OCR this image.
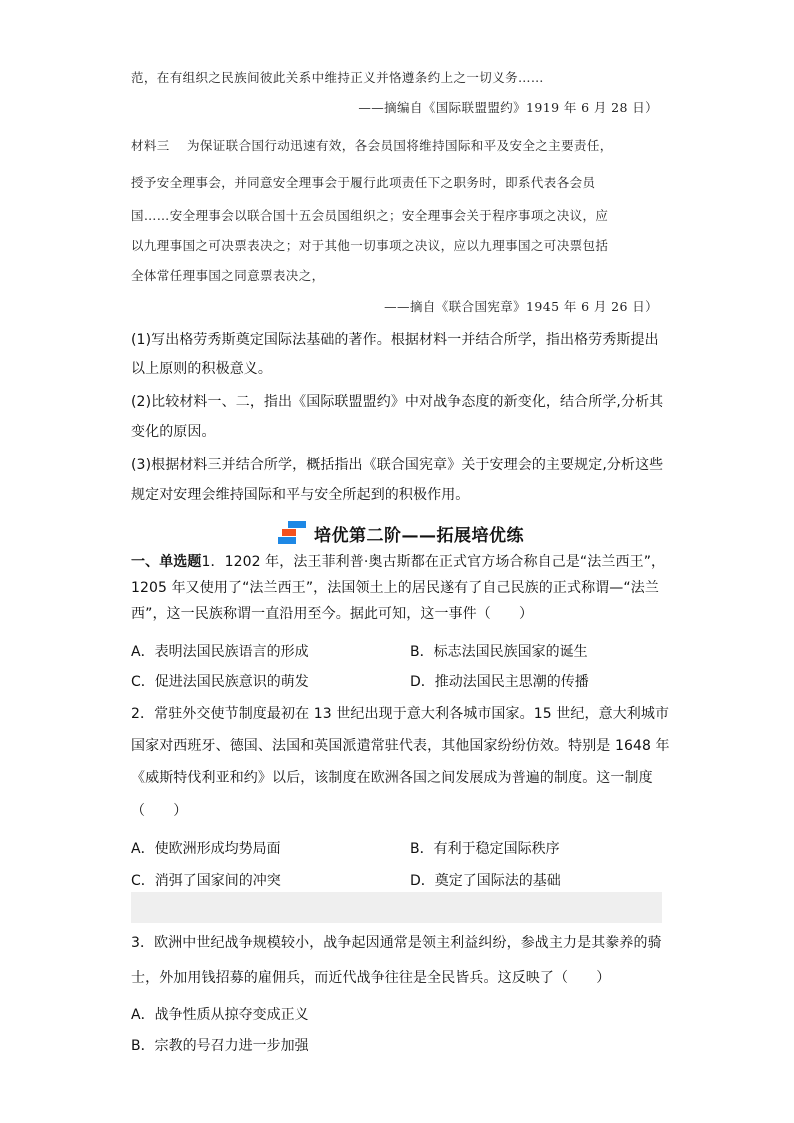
范，在有组织之民族间彼此关系中维持正义并恪遵条约上之一切义务……
——摘编自《国际联盟盟约》1919 年 6 月 28 日）
材料三　 为保证联合国行动迅速有效，各会员国将维持国际和平及安全之主要责任，
授予安全理事会，并同意安全理事会于履行此项责任下之职务时，即系代表各会员
国……安全理事会以联合国十五会员国组织之；安全理事会关于程序事项之决议，应
以九理事国之可决票表决之；对于其他一切事项之决议，应以九理事国之可决票包括
全体常任理事国之同意票表决之，
——摘自《联合国宪章》1945 年 6 月 26 日）
(1)写出格劳秀斯奠定国际法基础的著作。根据材料一并结合所学，指出格劳秀斯提出
以上原则的积极意义。
(2)比较材料一、二，指出《国际联盟盟约》中对战争态度的新变化，结合所学,分析其
变化的原因。
(3)根据材料三并结合所学，概括指出《联合国宪章》关于安理会的主要规定,分析这些
规定对安理会维持国际和平与安全所起到的积极作用。
培优第二阶——拓展培优练
一、单选题1．1202 年，法王菲利普·奥古斯都在正式官方场合称自己是“法兰西王”，
1205 年又使用了“法兰西王”，法国领土上的居民遂有了自己民族的正式称谓—“法兰
西”，这一民族称谓一直沿用至今。据此可知，这一事件（　　）
A．表明法国民族语言的形成	B．标志法国民族国家的诞生
C．促进法国民族意识的萌发	D．推动法国民主思潮的传播
2．常驻外交使节制度最初在 13 世纪出现于意大利各城市国家。15 世纪，意大利城市
国家对西班牙、德国、法国和英国派遣常驻代表，其他国家纷纷仿效。特别是 1648 年
《威斯特伐利亚和约》以后，该制度在欧洲各国之间发展成为普遍的制度。这一制度
（　　）
A．使欧洲形成均势局面	B．有利于稳定国际秩序
C．消弭了国家间的冲突	D．奠定了国际法的基础
3．欧洲中世纪战争规模较小，战争起因通常是领主利益纠纷，参战主力是其豢养的骑
士，外加用钱招募的雇佣兵，而近代战争往往是全民皆兵。这反映了（　　）
A．战争性质从掠夺变成正义
B．宗教的号召力进一步加强
